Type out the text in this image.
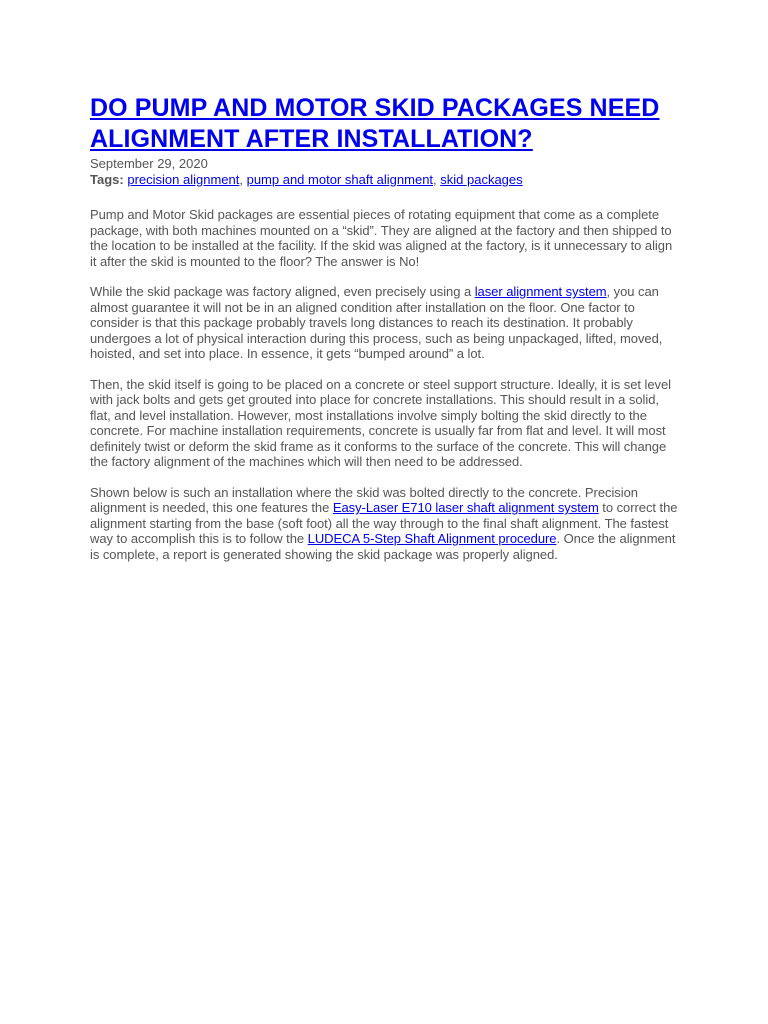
DO PUMP AND MOTOR SKID PACKAGES NEED ALIGNMENT AFTER INSTALLATION?
September 29, 2020
Tags: precision alignment, pump and motor shaft alignment, skid packages

Pump and Motor Skid packages are essential pieces of rotating equipment that come as a complete package, with both machines mounted on a “skid”. They are aligned at the factory and then shipped to the location to be installed at the facility. If the skid was aligned at the factory, is it unnecessary to align it after the skid is mounted to the floor? The answer is No!

While the skid package was factory aligned, even precisely using a laser alignment system, you can almost guarantee it will not be in an aligned condition after installation on the floor. One factor to consider is that this package probably travels long distances to reach its destination. It probably undergoes a lot of physical interaction during this process, such as being unpackaged, lifted, moved, hoisted, and set into place. In essence, it gets “bumped around” a lot.

Then, the skid itself is going to be placed on a concrete or steel support structure. Ideally, it is set level with jack bolts and gets get grouted into place for concrete installations. This should result in a solid, flat, and level installation. However, most installations involve simply bolting the skid directly to the concrete. For machine installation requirements, concrete is usually far from flat and level. It will most definitely twist or deform the skid frame as it conforms to the surface of the concrete. This will change the factory alignment of the machines which will then need to be addressed.

Shown below is such an installation where the skid was bolted directly to the concrete. Precision alignment is needed, this one features the Easy-Laser E710 laser shaft alignment system to correct the alignment starting from the base (soft foot) all the way through to the final shaft alignment. The fastest way to accomplish this is to follow the LUDECA 5-Step Shaft Alignment procedure. Once the alignment is complete, a report is generated showing the skid package was properly aligned.
